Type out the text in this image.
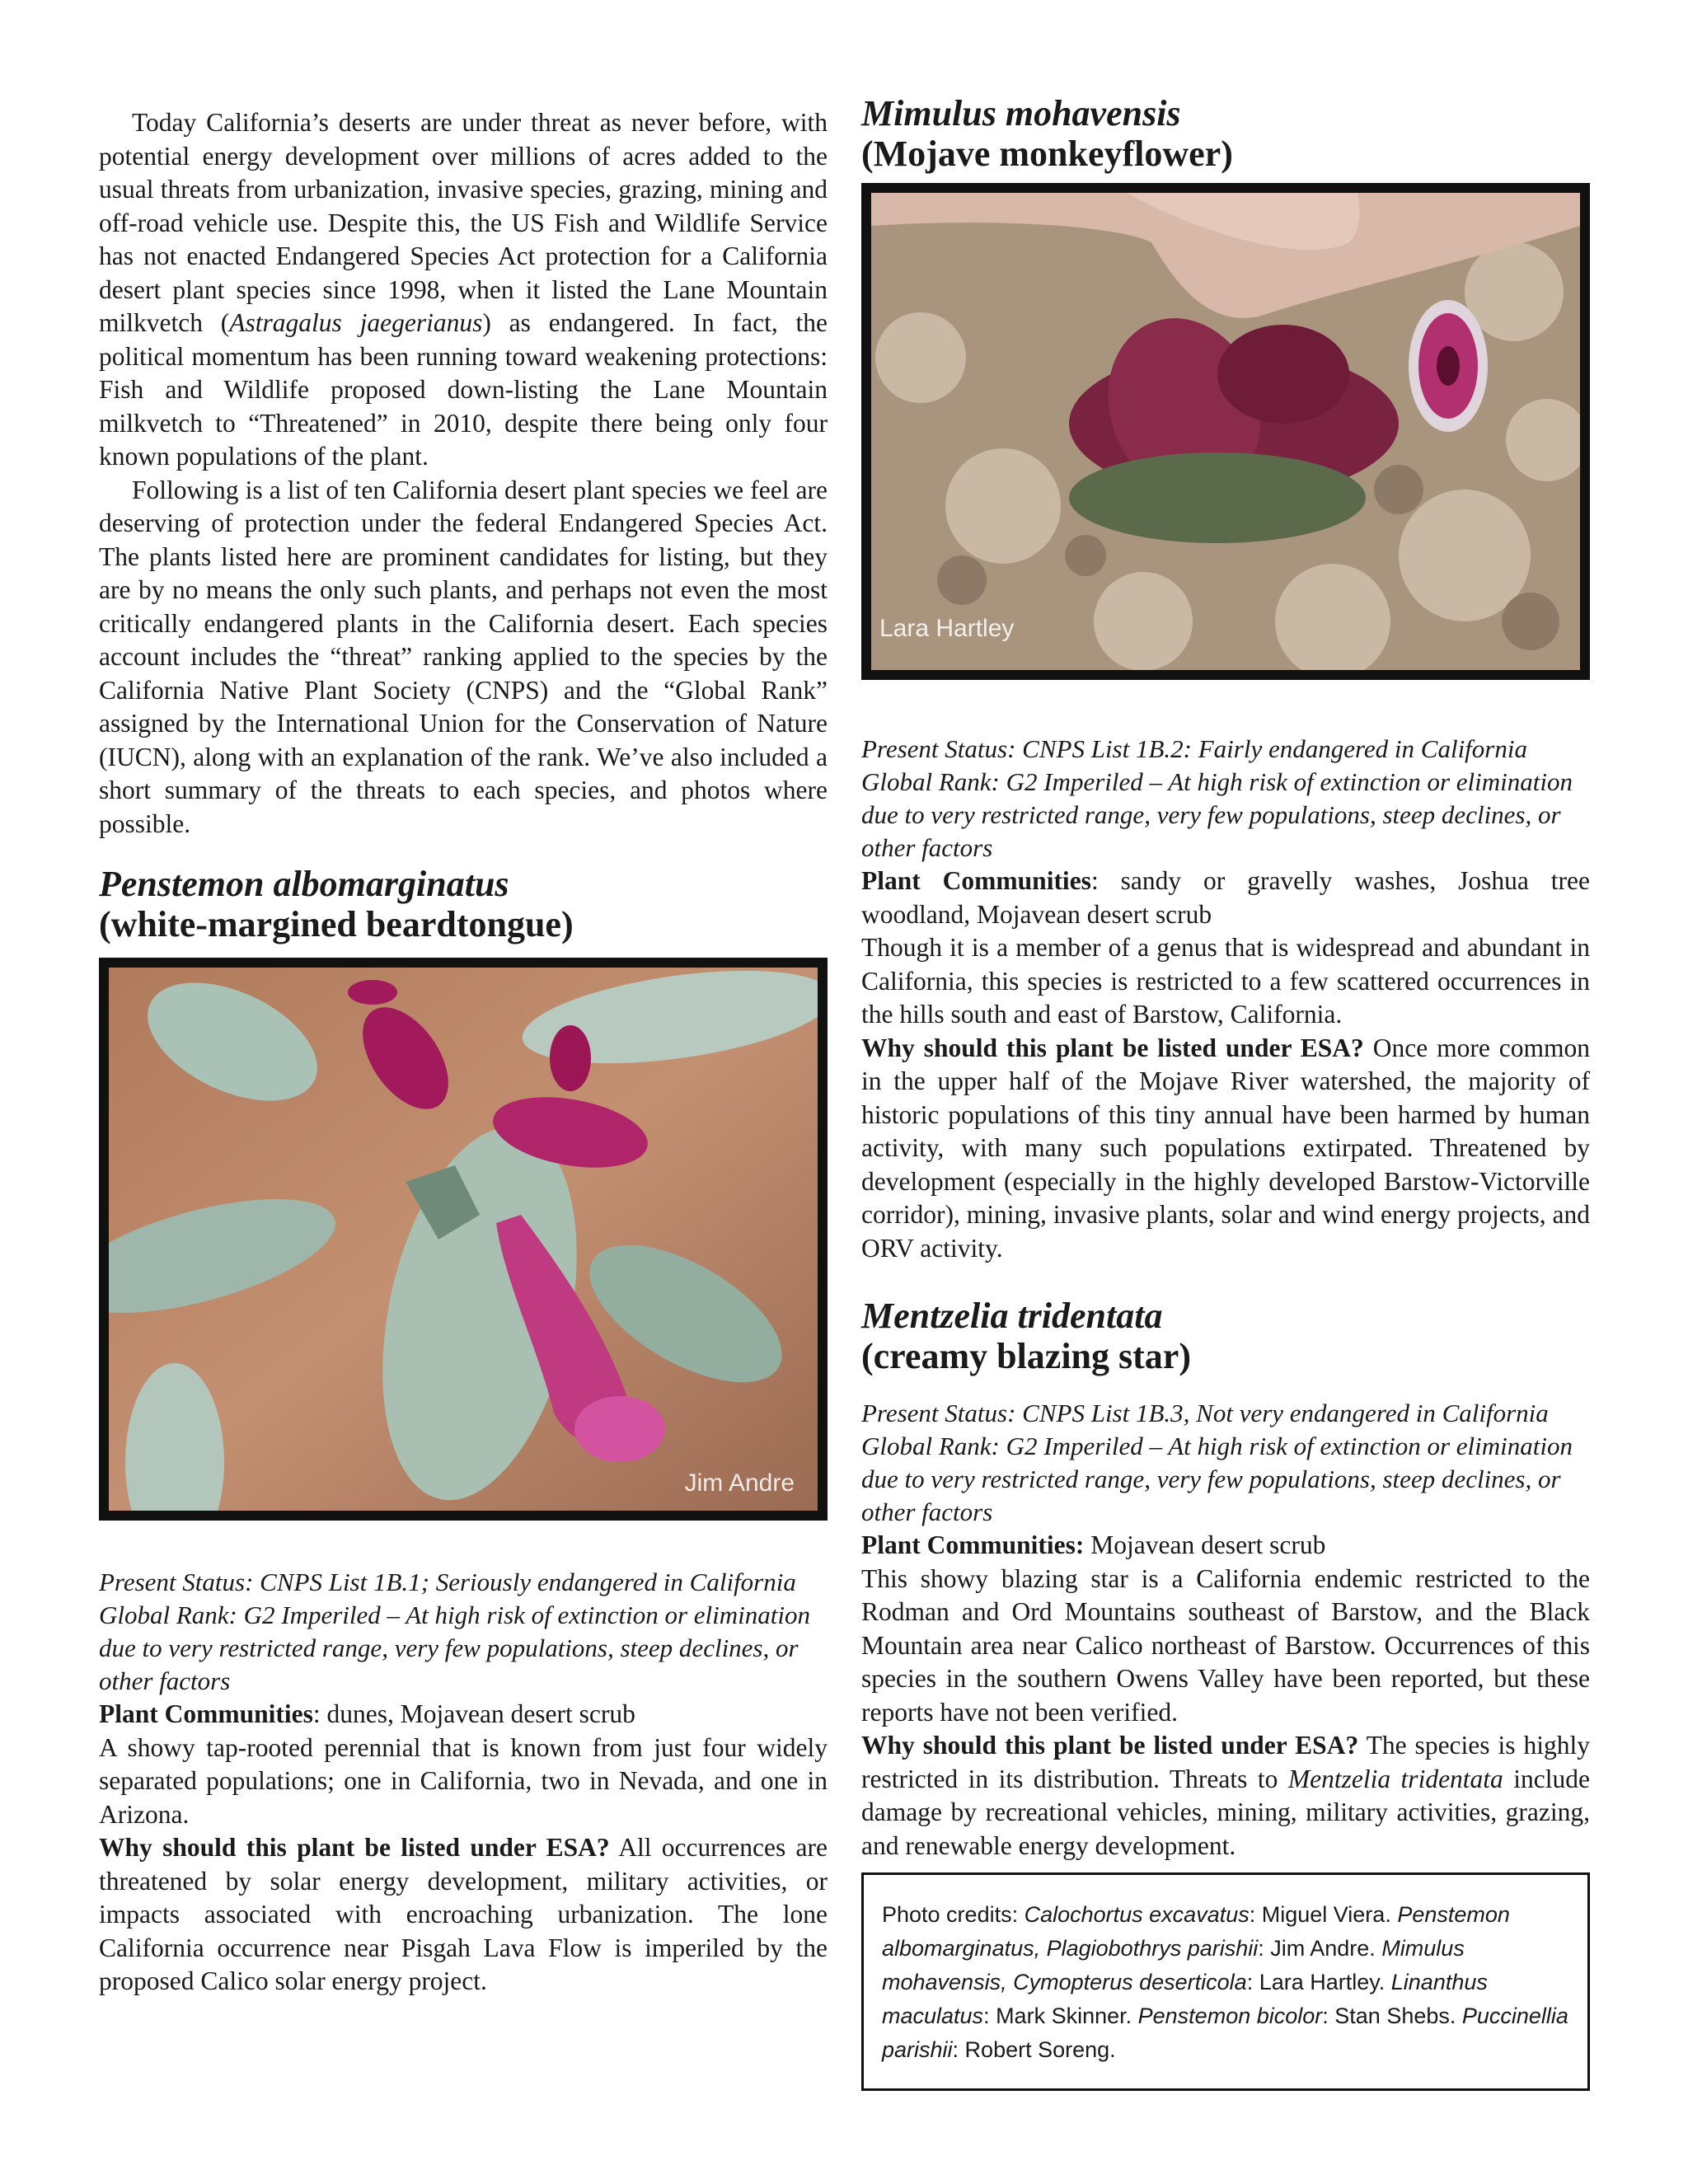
Today California’s deserts are under threat as never before, with potential energy development over millions of acres added to the usual threats from urbanization, invasive species, grazing, mining and off-road vehicle use. Despite this, the US Fish and Wildlife Service has not enacted Endangered Species Act protection for a California desert plant species since 1998, when it listed the Lane Mountain milkvetch (Astragalus jaegerianus) as endangered. In fact, the political momentum has been running toward weakening protections: Fish and Wildlife proposed down-listing the Lane Mountain milkvetch to “Threatened” in 2010, despite there being only four known populations of the plant.

Following is a list of ten California desert plant species we feel are deserving of protection under the federal Endangered Species Act. The plants listed here are prominent candidates for listing, but they are by no means the only such plants, and perhaps not even the most critically endangered plants in the California desert. Each species account includes the “threat” ranking applied to the species by the California Native Plant Society (CNPS) and the “Global Rank” assigned by the International Union for the Conservation of Nature (IUCN), along with an explanation of the rank. We’ve also included a short summary of the threats to each species, and photos where possible.

Penstemon albomarginatus
(white-margined beardtongue)
Jim Andre

Present Status: CNPS List 1B.1; Seriously endangered in California

Global Rank: G2 Imperiled – At high risk of extinction or elimination due to very restricted range, very few populations, steep declines, or other factors

Plant Communities: dunes, Mojavean desert scrub

A showy tap-rooted perennial that is known from just four widely separated populations; one in California, two in Nevada, and one in Arizona.

Why should this plant be listed under ESA? All occurrences are threatened by solar energy development, military activities, or impacts associated with encroaching urbanization. The lone California occurrence near Pisgah Lava Flow is imperiled by the proposed Calico solar energy project.

Mimulus mohavensis
(Mojave monkeyflower)
Lara Hartley

Present Status: CNPS List 1B.2: Fairly endangered in California

Global Rank: G2 Imperiled – At high risk of extinction or elimination due to very restricted range, very few populations, steep declines, or other factors

Plant Communities: sandy or gravelly washes, Joshua tree woodland, Mojavean desert scrub

Though it is a member of a genus that is widespread and abundant in California, this species is restricted to a few scattered occurrences in the hills south and east of Barstow, California.

Why should this plant be listed under ESA? Once more common in the upper half of the Mojave River watershed, the majority of historic populations of this tiny annual have been harmed by human activity, with many such populations extirpated. Threatened by development (especially in the highly developed Barstow-Victorville corridor), mining, invasive plants, solar and wind energy projects, and ORV activity.

Mentzelia tridentata
(creamy blazing star)

Present Status: CNPS List 1B.3, Not very endangered in California

Global Rank: G2 Imperiled – At high risk of extinction or elimination due to very restricted range, very few populations, steep declines, or other factors

Plant Communities: Mojavean desert scrub

This showy blazing star is a California endemic restricted to the Rodman and Ord Mountains southeast of Barstow, and the Black Mountain area near Calico northeast of Barstow. Occurrences of this species in the southern Owens Valley have been reported, but these reports have not been verified.

Why should this plant be listed under ESA? The species is highly restricted in its distribution. Threats to Mentzelia tridentata include damage by recreational vehicles, mining, military activities, grazing, and renewable energy development.

Photo credits: Calochortus excavatus: Miguel Viera. Penstemon albomarginatus, Plagiobothrys parishii: Jim Andre. Mimulus mohavensis, Cymopterus deserticola: Lara Hartley. Linanthus maculatus: Mark Skinner. Penstemon bicolor: Stan Shebs. Puccinellia parishii: Robert Soreng.
